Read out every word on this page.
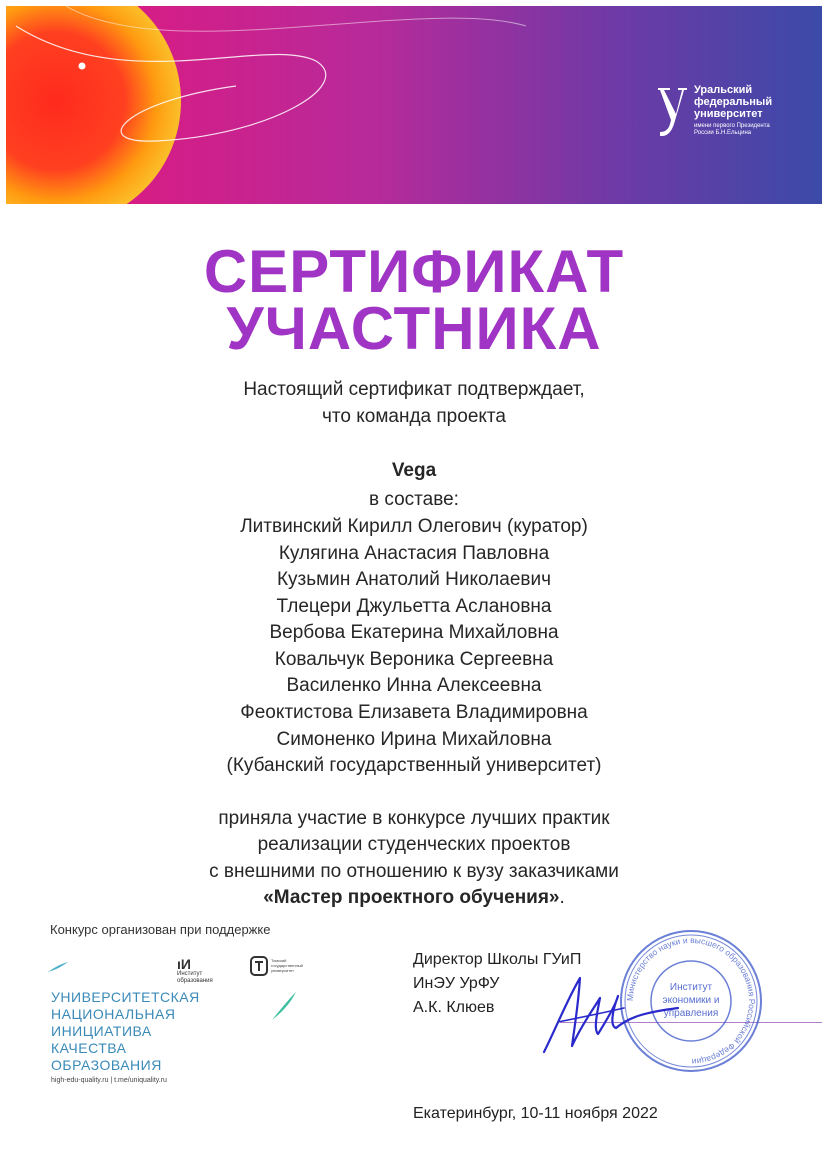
Уральский
федеральный
университет
имени первого Президента
России Б.Н.Ельцина
СЕРТИФИКАТ
УЧАСТНИКА
Настоящий сертификат подтверждает,
что команда проекта
Vega
в составе:
Литвинский Кирилл Олегович (куратор)
Кулягина Анастасия Павловна
Кузьмин Анатолий Николаевич
Тлецери Джульетта Аслановна
Вербова Екатерина Михайловна
Ковальчук Вероника Сергеевна
Василенко Инна Алексеевна
Феоктистова Елизавета Владимировна
Симоненко Ирина Михайловна
(Кубанский государственный университет)
приняла участие в конкурсе лучших практик
реализации студенческих проектов
с внешними по отношению к вузу заказчиками
«Мастер проектного обучения».
Конкурс организован при поддержке
ıИ
Институт
образования
Томский
государственный
университет
УНИВЕРСИТЕТСКАЯ
НАЦИОНАЛЬНАЯ
ИНИЦИАТИВА
КАЧЕСТВА
ОБРАЗОВАНИЯ
high-edu-quality.ru | t.me/uniquality.ru
Директор Школы ГУиП
ИнЭУ УрФУ
А.К. Клюев
Министерство науки и высшего образования Российской Федерации
Институт
экономики и
управления
Екатеринбург, 10-11 ноября 2022
